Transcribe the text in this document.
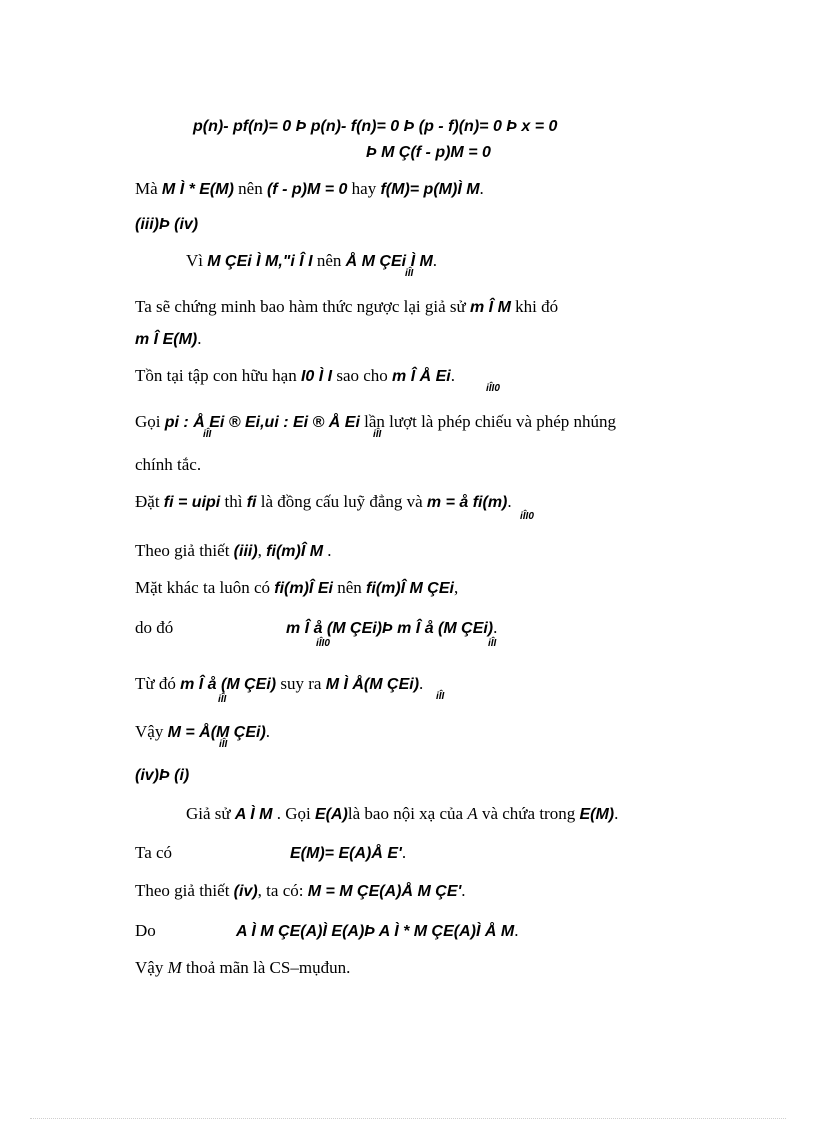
p(n)- pf(n)= 0 Þ p(n)- f(n)= 0 Þ (p - f)(n)= 0 Þ x = 0
Þ M Ç(f - p)M = 0
Mà M Ì * E(M) nên (f - p)M = 0 hay f(M)= p(M)Ì M.
(iii)Þ (iv)
Vì M ÇEi Ì M,"i Î I nên Å M ÇEi Ì M.
iÎI
Ta sẽ chứng minh bao hàm thức ngược lại giả sử m Î M khi đó
m Î E(M).
Tồn tại tập con hữu hạn I0 Ì I sao cho m Î Å Ei.
iÎI0
Gọi pi : Å Ei ® Ei,ui : Ei ® Å Ei lần lượt là phép chiếu và phép nhúng
iÎI	iÎI
chính tắc.
Đặt fi = uipi thì fi là đồng cấu luỹ đẳng và m = å fi(m).
iÎI0
Theo giả thiết (iii), fi(m)Î M .
Mặt khác ta luôn có fi(m)Î Ei nên fi(m)Î M ÇEi,
do đó	m Î å (M ÇEi)Þ m Î å (M ÇEi).
iÎI0	iÎI
Từ đó m Î å (M ÇEi) suy ra M Ì Å(M ÇEi).
iÎI	iÎI
Vậy M = Å(M ÇEi).
iÎI
(iv)Þ (i)
Giả sử A Ì M . Gọi E(A)là bao nội xạ của A và chứa trong E(M).
Ta có	E(M)= E(A)Å E'.
Theo giả thiết (iv), ta có: M = M ÇE(A)Å M ÇE'.
Do	A Ì M ÇE(A)Ì E(A)Þ A Ì * M ÇE(A)Ì Å M.
Vậy M thoả mãn là CS–mụđun.
